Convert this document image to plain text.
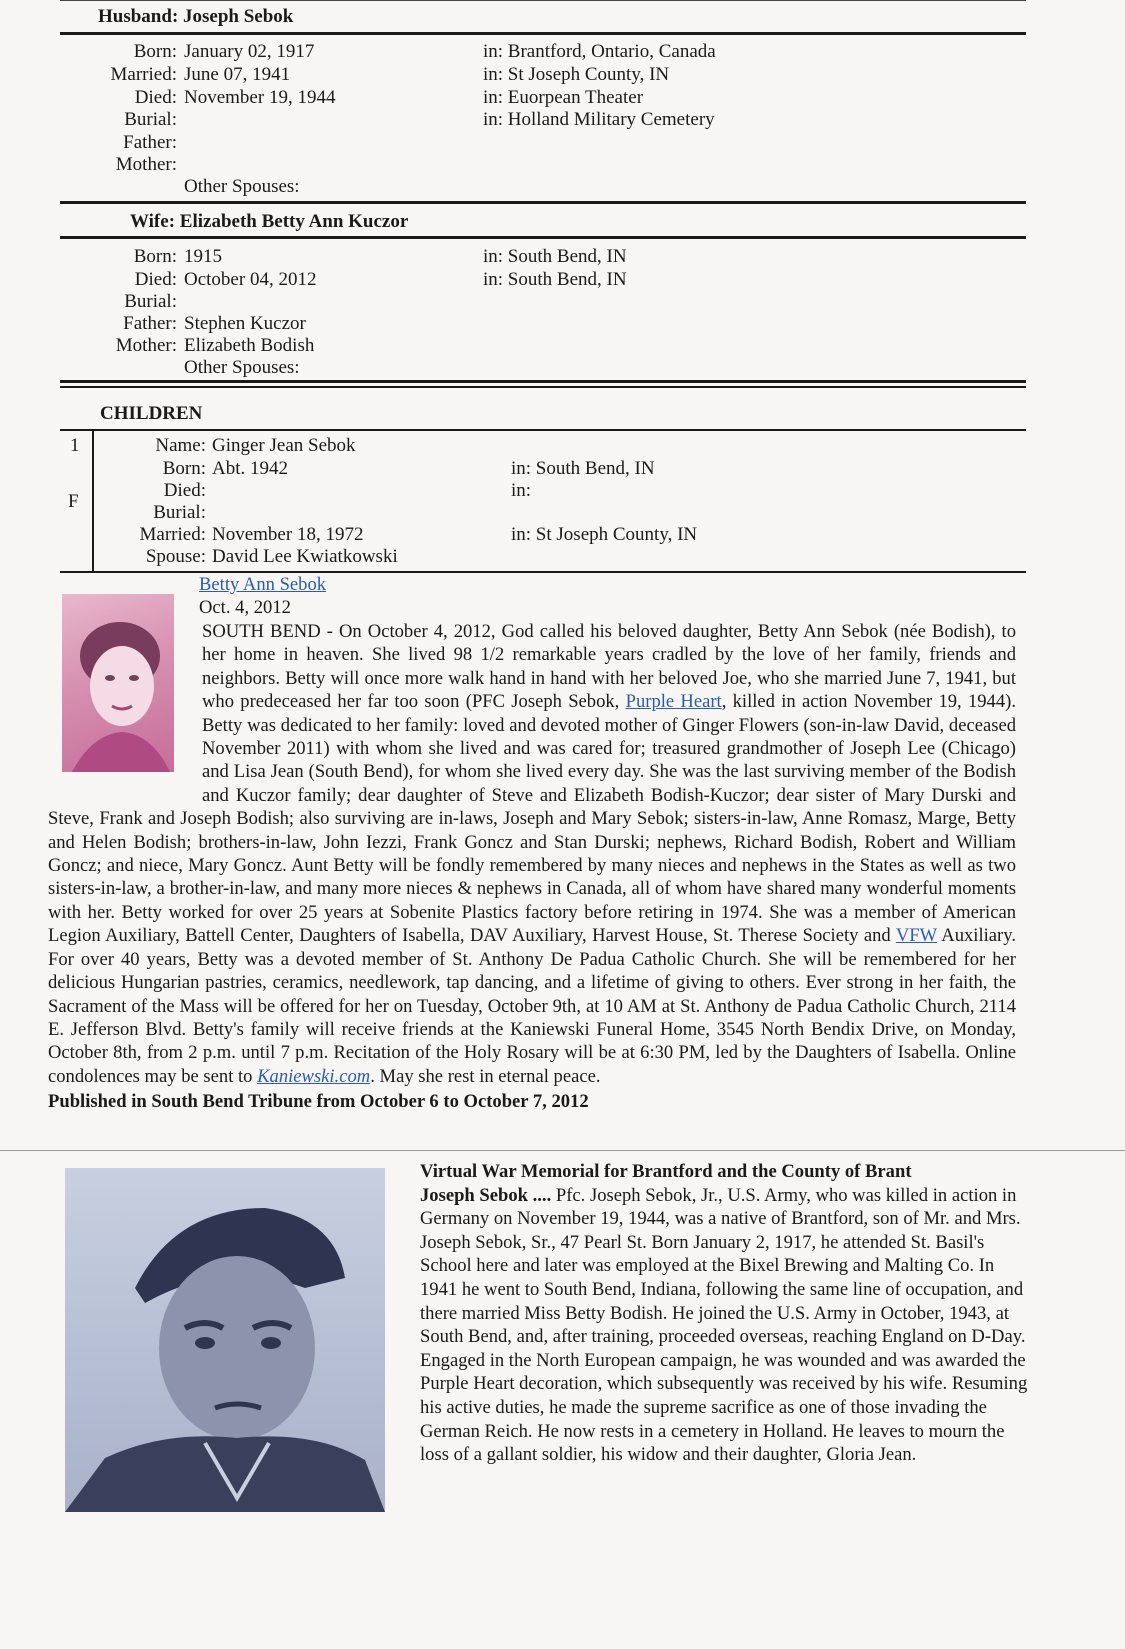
Husband: Joseph Sebok
Born: January 02, 1917	in: Brantford, Ontario, Canada
Married: June 07, 1941	in: St Joseph County, IN
Died: November 19, 1944	in: Euorpean Theater
Burial:	in: Holland Military Cemetery
Father:
Mother:
Other Spouses:
Wife: Elizabeth Betty Ann Kuczor
Born: 1915	in: South Bend, IN
Died: October 04, 2012	in: South Bend, IN
Burial:
Father: Stephen Kuczor
Mother: Elizabeth Bodish
Other Spouses:
CHILDREN
1
F
Name: Ginger Jean Sebok
Born: Abt. 1942	in: South Bend, IN
Died:	in:
Burial:
Married: November 18, 1972	in: St Joseph County, IN
Spouse: David Lee Kwiatkowski
Betty Ann Sebok
Oct. 4, 2012

SOUTH BEND - On October 4, 2012, God called his beloved daughter, Betty Ann Sebok (née Bodish), to her home in heaven. She lived 98 1/2 remarkable years cradled by the love of her family, friends and neighbors. Betty will once more walk hand in hand with her beloved Joe, who she married June 7, 1941, but who predeceased her far too soon (PFC Joseph Sebok, Purple Heart, killed in action November 19, 1944). Betty was dedicated to her family: loved and devoted mother of Ginger Flowers (son-in-law David, deceased November 2011) with whom she lived and was cared for; treasured grandmother of Joseph Lee (Chicago) and Lisa Jean (South Bend), for whom she lived every day. She was the last surviving member of the Bodish and Kuczor family; dear daughter of Steve and Elizabeth Bodish-Kuczor; dear sister of Mary Durski and Steve, Frank and Joseph Bodish; also surviving are in-laws, Joseph and Mary Sebok; sisters-in-law, Anne Romasz, Marge, Betty and Helen Bodish; brothers-in-law, John Iezzi, Frank Goncz and Stan Durski; nephews, Richard Bodish, Robert and William Goncz; and niece, Mary Goncz. Aunt Betty will be fondly remembered by many nieces and nephews in the States as well as two sisters-in-law, a brother-in-law, and many more nieces & nephews in Canada, all of whom have shared many wonderful moments with her. Betty worked for over 25 years at Sobenite Plastics factory before retiring in 1974. She was a member of American Legion Auxiliary, Battell Center, Daughters of Isabella, DAV Auxiliary, Harvest House, St. Therese Society and VFW Auxiliary. For over 40 years, Betty was a devoted member of St. Anthony De Padua Catholic Church. She will be remembered for her delicious Hungarian pastries, ceramics, needlework, tap dancing, and a lifetime of giving to others. Ever strong in her faith, the Sacrament of the Mass will be offered for her on Tuesday, October 9th, at 10 AM at St. Anthony de Padua Catholic Church, 2114 E. Jefferson Blvd. Betty's family will receive friends at the Kaniewski Funeral Home, 3545 North Bendix Drive, on Monday, October 8th, from 2 p.m. until 7 p.m. Recitation of the Holy Rosary will be at 6:30 PM, led by the Daughters of Isabella. Online condolences may be sent to Kaniewski.com. May she rest in eternal peace.

Published in South Bend Tribune from October 6 to October 7, 2012

Virtual War Memorial for Brantford and the County of Brant
Joseph Sebok .... Pfc. Joseph Sebok, Jr., U.S. Army, who was killed in action in Germany on November 19, 1944, was a native of Brantford, son of Mr. and Mrs. Joseph Sebok, Sr., 47 Pearl St. Born January 2, 1917, he attended St. Basil's School here and later was employed at the Bixel Brewing and Malting Co. In 1941 he went to South Bend, Indiana, following the same line of occupation, and there married Miss Betty Bodish. He joined the U.S. Army in October, 1943, at South Bend, and, after training, proceeded overseas, reaching England on D-Day. Engaged in the North European campaign, he was wounded and was awarded the Purple Heart decoration, which subsequently was received by his wife. Resuming his active duties, he made the supreme sacrifice as one of those invading the German Reich. He now rests in a cemetery in Holland. He leaves to mourn the loss of a gallant soldier, his widow and their daughter, Gloria Jean.
